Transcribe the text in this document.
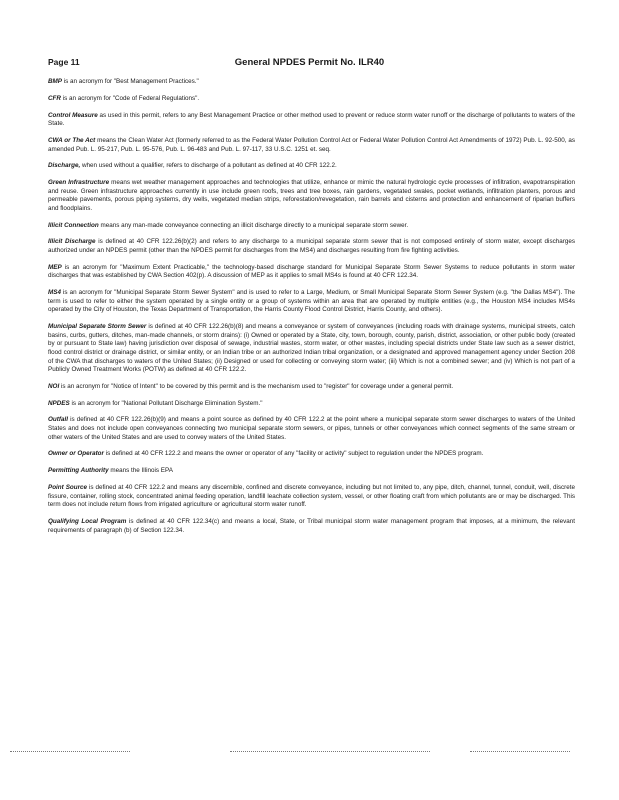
Page 11	General NPDES Permit No. ILR40

BMP is an acronym for "Best Management Practices."

CFR is an acronym for "Code of Federal Regulations".

Control Measure as used in this permit, refers to any Best Management Practice or other method used to prevent or reduce storm water runoff or the discharge of pollutants to waters of the State.

CWA or The Act means the Clean Water Act (formerly referred to as the Federal Water Pollution Control Act or Federal Water Pollution Control Act Amendments of 1972) Pub. L. 92-500, as amended Pub. L. 95-217, Pub. L. 95-576, Pub. L. 96-483 and Pub. L. 97-117, 33 U.S.C. 1251 et. seq.

Discharge, when used without a qualifier, refers to discharge of a pollutant as defined at 40 CFR 122.2.

Green Infrastructure means wet weather management approaches and technologies that utilize, enhance or mimic the natural hydrologic cycle processes of infiltration, evapotranspiration and reuse. Green infrastructure approaches currently in use include green roofs, trees and tree boxes, rain gardens, vegetated swales, pocket wetlands, infiltration planters, porous and permeable pavements, porous piping systems, dry wells, vegetated median strips, reforestation/revegetation, rain barrels and cisterns and protection and enhancement of riparian buffers and floodplains.

Illicit Connection means any man-made conveyance connecting an illicit discharge directly to a municipal separate storm sewer.

Illicit Discharge is defined at 40 CFR 122.26(b)(2) and refers to any discharge to a municipal separate storm sewer that is not composed entirely of storm water, except discharges authorized under an NPDES permit (other than the NPDES permit for discharges from the MS4) and discharges resulting from fire fighting activities.

MEP is an acronym for "Maximum Extent Practicable," the technology-based discharge standard for Municipal Separate Storm Sewer Systems to reduce pollutants in storm water discharges that was established by CWA Section 402(p). A discussion of MEP as it applies to small MS4s is found at 40 CFR 122.34.

MS4 is an acronym for "Municipal Separate Storm Sewer System" and is used to refer to a Large, Medium, or Small Municipal Separate Storm Sewer System (e.g. "the Dallas MS4"). The term is used to refer to either the system operated by a single entity or a group of systems within an area that are operated by multiple entities (e.g., the Houston MS4 includes MS4s operated by the City of Houston, the Texas Department of Transportation, the Harris County Flood Control District, Harris County, and others).

Municipal Separate Storm Sewer is defined at 40 CFR 122.26(b)(8) and means a conveyance or system of conveyances (including roads with drainage systems, municipal streets, catch basins, curbs, gutters, ditches, man-made channels, or storm drains): (i) Owned or operated by a State, city, town, borough, county, parish, district, association, or other public body (created by or pursuant to State law) having jurisdiction over disposal of sewage, industrial wastes, storm water, or other wastes, including special districts under State law such as a sewer district, flood control district or drainage district, or similar entity, or an Indian tribe or an authorized Indian tribal organization, or a designated and approved management agency under Section 208 of the CWA that discharges to waters of the United States; (ii) Designed or used for collecting or conveying storm water; (iii) Which is not a combined sewer; and (iv) Which is not part of a Publicly Owned Treatment Works (POTW) as defined at 40 CFR 122.2.

NOI is an acronym for "Notice of Intent" to be covered by this permit and is the mechanism used to "register" for coverage under a general permit.

NPDES is an acronym for "National Pollutant Discharge Elimination System."

Outfall is defined at 40 CFR 122.26(b)(9) and means a point source as defined by 40 CFR 122.2 at the point where a municipal separate storm sewer discharges to waters of the United States and does not include open conveyances connecting two municipal separate storm sewers, or pipes, tunnels or other conveyances which connect segments of the same stream or other waters of the United States and are used to convey waters of the United States.

Owner or Operator is defined at 40 CFR 122.2 and means the owner or operator of any "facility or activity" subject to regulation under the NPDES program.

Permitting Authority means the Illinois EPA

Point Source is defined at 40 CFR 122.2 and means any discernible, confined and discrete conveyance, including but not limited to, any pipe, ditch, channel, tunnel, conduit, well, discrete fissure, container, rolling stock, concentrated animal feeding operation, landfill leachate collection system, vessel, or other floating craft from which pollutants are or may be discharged. This term does not include return flows from irrigated agriculture or agricultural storm water runoff.

Qualifying Local Program is defined at 40 CFR 122.34(c) and means a local, State, or Tribal municipal storm water management program that imposes, at a minimum, the relevant requirements of paragraph (b) of Section 122.34.
